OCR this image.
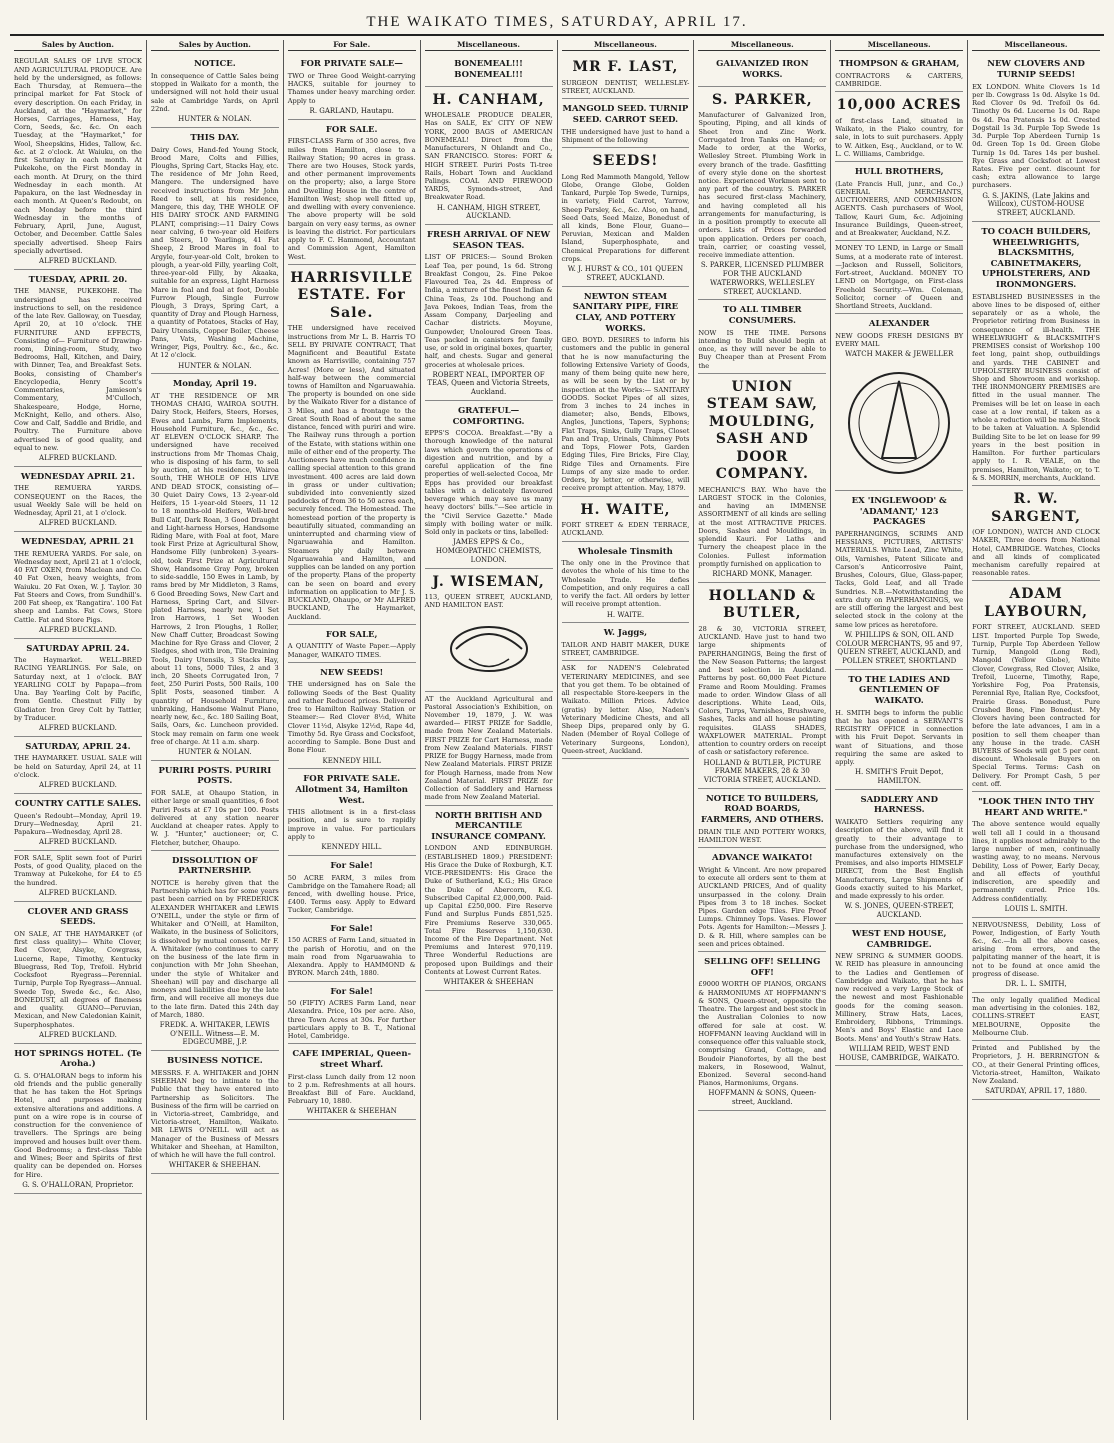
THE WAIKATO TIMES, SATURDAY, APRIL 17.
Sales by Auction.
REGULAR SALES OF LIVE STOCK AND AGRICULTURAL PRODUCE. Are held by the undersigned, as follows: Each Thursday, at Remuera—the principal market for Fat Stock of every description. On each Friday, in Auckland, at the "Haymarket," for Horses, Carriages, Harness, Hay, Corn, Seeds, &c. &c. On each Tuesday, at the "Haymarket," for Wool, Sheepskins, Hides, Tallow, &c. &c. at 2 o'clock. At Waiuku, on the first Saturday in each month. At Pukekohe, on the First Monday in each month. At Drury, on the third Wednesday in each month. At Papakura, on the last Wednesday in each month. At Queen's Redoubt, on each Monday before the third Wednesday in the months of February, April, June, August, October, and December. Cattle Sales specially advertised. Sheep Fairs specially advertised.
ALFRED BUCKLAND.
TUESDAY, APRIL 20.
THE MANSE, PUKEKOHE. The undersigned has received instructions to sell, on the residence of the late Rev. Galloway, on Tuesday, April 20, at 10 o'clock. THE FURNITURE AND EFFECTS, Consisting of— Furniture of Drawing-room, Dining-room, Study, two Bedrooms, Hall, Kitchen, and Dairy, with Dinner, Tea, and Breakfast Sets. Books, consisting of Chamber's Encyclopedia, Henry Scott's Commentaries, Jamieson's Commentary, M'Culloch, Shakespeare, Hodge, Horne, McKnight, Kello, and others. Also, Cow and Calf, Saddle and Bridle, and Poultry. The Furniture above advertised is of good quality, and equal to new.
ALFRED BUCKLAND.
WEDNESDAY APRIL 21.
THE REMUERA YARDS. CONSEQUENT on the Races, the usual Weekly Sale will be held on Wednesday, April 21, at 1 o'clock.
ALFRED BUCKLAND.
WEDNESDAY, APRIL 21
THE REMUERA YARDS. For sale, on Wednesday next, April 21 at 1 o'clock, 40 FAT OXEN, from Maclean and Co. 40 Fat Oxen, heavy weights, from Waiuku. 20 Fat Oxen, W. J. Taylor. 30 Fat Steers and Cows, from Sundhill's. 200 Fat sheep, ex 'Rangatira'. 100 Fat sheep and Lambs. Fat Cows, Store Cattle. Fat and Store Pigs.
ALFRED BUCKLAND.
SATURDAY APRIL 24.
The Haymarket. WELL-BRED RACING YEARLINGS. For Sale, on Saturday next, at 1 o'clock. BAY YEARLING COLT by Papapa—from Una. Bay Yearling Colt by Pacific, from Gentle. Chestnut Filly by Gladiator. Iron Grey Colt by Tattler, by Traducer.
ALFRED BUCKLAND.
SATURDAY, APRIL 24.
THE HAYMARKET. USUAL SALE will be held on Saturday, April 24, at 11 o'clock.
ALFRED BUCKLAND.
COUNTRY CATTLE SALES.
Queen's Redoubt—Monday, April 19. Drury—Wednesday, April 21. Papakura—Wednesday, April 28.
ALFRED BUCKLAND.
FOR SALE, Split sewn foot of Puriri Posts, of good Quality, placed on the Tramway at Pukekohe, for £4 to £5 the hundred.
ALFRED BUCKLAND.
CLOVER AND GRASS SEEDS.
ON SALE, AT THE HAYMARKET (of first class quality)— White Clover, Red Clover, Alsyke, Cowgrass, Lucerne, Rape, Timothy, Kentucky Bluegrass, Red Top, Trefoil. Hybrid Cocksfoot Ryegrass—Perennial. Turnip, Purple Top Ryegrass—Annual. Swede Top, Swede &c., &c. Also, BONEDUST, all degrees of fineness and quality. GUANO—Peruvian, Mexican, and New Caledonian Kainit, Superphosphates.
ALFRED BUCKLAND.
HOT SPRINGS HOTEL. (Te Aroha.)
G. S. O'HALORAN begs to inform his old friends and the public generally that he has taken the Hot Springs Hotel, and purposes making extensive alterations and additions. A punt on a wire rope is in course of construction for the convenience of travellers. The Springs are being improved and houses built over them. Good Bedrooms; a first-class Table and Wines; Beer and Spirits of first quality can be depended on. Horses for Hire.
G. S. O'HALLORAN, Proprietor.
Sales by Auction.
NOTICE.
In consequence of Cattle Sales being stopped in Waikato for a month, the undersigned will not hold their usual sale at Cambridge Yards, on April 22nd.
HUNTER & NOLAN.
THIS DAY.
Dairy Cows, Hand-fed Young Stock, Brood Mare, Colts and Fillies, Ploughs, Spring Cart, Stacks Hay, etc. The residence of Mr John Reed, Mangere. The undersigned have received instructions from Mr John Reed to sell, at his residence, Mangere, this day, THE WHOLE OF HIS DAIRY STOCK AND FARMING PLANT, comprising:—11 Dairy Cows near calving, 6 two-year old Heifers and Steers, 10 Yearlings, 41 Fat Sheep, 2 Brood Mares in foal to Argyle, four-year-old Colt, broken to plough, a year-old Filly, yearling Colt, three-year-old Filly, by Akaaka, suitable for an express, Light Harness Mare in foal and foal at foot, Double Furrow Plough, Single Furrow Plough, 3 Drays, Spring Cart, a quantity of Dray and Plough Harness, a quantity of Potatoes, Stacks of Hay, Dairy Utensils, Copper Boiler, Cheese Pans, Vats, Washing Machine, Wringer, Pigs, Poultry. &c., &c., &c. At 12 o'clock.
HUNTER & NOLAN.
Monday, April 19.
AT THE RESIDENCE OF MR THOMAS CHAIG, WAIROA SOUTH. Dairy Stock, Heifers, Steers, Horses, Ewes and Lambs, Farm Implements, Household Furniture, &c., &c., &c. AT ELEVEN O'CLOCK SHARP. The undersigned have received instructions from Mr Thomas Chaig, who is disposing of his farm, to sell by auction, at his residence, Wairoa South, THE WHOLE OF HIS LIVE AND DEAD STOCK, consisting of— 30 Quiet Dairy Cows, 13 2-year-old Heifers, 15 1-year-old Steers, 11 12 to 18 months-old Heifers, Well-bred Bull Calf, Dark Roan, 3 Good Draught and Light-harness Horses, Handsome Riding Mare, with Foal at foot, Mare took First Prize at Agricultural Show, Handsome Filly (unbroken) 3-years-old, took First Prize at Agricultural Show, Handsome Gray Pony, broken to side-saddle, 150 Ewes in Lamb, by rams bred by Mr Middleton, 3 Rams, 6 Good Breeding Sows, New Cart and Harness, Spring Cart, and Silver-plated Harness, nearly new, 1 Set Iron Harrows, 1 Set Wooden Harrows, 2 Iron Ploughs, 1 Roller, New Chaff Cutter, Broadcast Sowing Machine for Rye Grass and Clover, 2 Sledges, shod with iron, Tile Draining Tools, Dairy Utensils, 3 Stacks Hay, about 11 tons, 5000 Tiles, 2 and 3 inch, 20 Sheets Corrugated Iron, 7 feet, 250 Puriri Posts, 500 Rails, 100 Split Posts, seasoned timber. A quantity of Household Furniture, unbraking, Handsome Walnut Piano, nearly new, &c., &c. 180 Sailing Boat, Sails, Oars, &c. Luncheon provided. Stock may remain on farm one week free of charge. At 11 a.m. sharp.
HUNTER & NOLAN.
PURIRI POSTS. PURIRI POSTS.
FOR SALE, at Ohaupo Station, in either large or small quantities, 6 foot Puriri Posts at £7 10s per 100. Posts delivered at any station nearer Auckland at cheaper rates. Apply to W. J. "Hunter," auctioneer; or, C. Fletcher, butcher, Ohaupo.
DISSOLUTION OF PARTNERSHIP.
NOTICE is hereby given that the Partnership which has for some years past been carried on by FREDERICK ALEXANDER WHITAKER and LEWIS O'NEILL, under the style or firm of Whitaker and O'Neill, at Hamilton, Waikato, in the business of Solicitors, is dissolved by mutual consent. Mr F. A. Whitaker (who continues to carry on the business of the late firm in conjunction with Mr John Sheehan, under the style of Whitaker and Sheehan) will pay and discharge all moneys and liabilities due by the late firm, and will receive all moneys due to the late firm. Dated this 24th day of March, 1880.
FREDK. A. WHITAKER, LEWIS O'NEILL. Witness—E. M. EDGECUMBE, J.P.
BUSINESS NOTICE.
MESSRS. F. A. WHITAKER and JOHN SHEEHAN beg to intimate to the Public that they have entered into Partnership as Solicitors. The Business of the firm will be carried on in Victoria-street, Cambridge, and Victoria-street, Hamilton, Waikato. MR LEWIS O'NEILL will act as Manager of the Business of Messrs Whitaker and Sheehan, at Hamilton, of which he will have the full control.
WHITAKER & SHEEHAN.
For Sale.
FOR PRIVATE SALE—
TWO or Three Good Weight-carrying HACKS, suitable for journey to Thames under heavy marching order. Apply to
R. GARLAND, Hautapu.
FOR SALE.
FIRST-CLASS Farm of 350 acres, five miles from Hamilton, close to a Railway Station; 90 acres in grass. There are two Houses, Stock yards, and other permanent improvements on the property; also, a large Store and Dwelling House in the centre of Hamilton West; shop well fitted up, and dwelling with every convenience. The above property will be sold bargain on very easy terms, as owner is leaving the district. For particulars apply to F. C. Hammond, Accountant and Commission Agent, Hamilton West.
HARRISVILLE ESTATE. For Sale.
THE undersigned have received instructions from Mr L. B. Harris TO SELL BY PRIVATE CONTRACT, That Magnificent and Beautiful Estate known as Harrisville, containing 757 Acres! (More or less), And situated half-way between the commercial towns of Hamilton and Ngaruawahia. The property is bounded on one side by the Waikato River for a distance of 3 Miles, and has a frontage to the Great South Road of about the same distance, fenced with puriri and wire. The Railway runs through a portion of the Estate, with stations within one mile of either end of the property. The Auctioneers have much confidence in calling special attention to this grand investment. 400 acres are laid down in grass or under cultivation; subdivided into conveniently sized paddocks of from 36 to 50 acres each, securely fenced. The Homestead. The homestead portion of the property is beautifully situated, commanding an uninterrupted and charming view of Ngaruawahia and Hamilton. Steamers ply daily between Ngaruawahia and Hamilton, and supplies can be landed on any portion of the property. Plans of the property can be seen on board and every information on application to Mr J. S. BUCKLAND, Ohaupo, or Mr ALFRED BUCKLAND, The Haymarket, Auckland.
FOR SALE,
A QUANTITY of Waste Paper.—Apply Manager, WAIKATO TIMES.
NEW SEEDS!
THE undersigned has on Sale the following Seeds of the Best Quality and rather Reduced prices. Delivered free to Hamilton Railway Station or Steamer:— Red Clover 8½d, White Clover 11½d, Alsyke 12½d, Rape 4d, Timothy 5d. Rye Grass and Cocksfoot, according to Sample. Bone Dust and Bone Flour.
KENNEDY HILL
FOR PRIVATE SALE. Allotment 34, Hamilton West.
THIS allotment is in a first-class position, and is sure to rapidly improve in value. For particulars apply to
KENNEDY HILL.
For Sale!
50 ACRE FARM, 3 miles from Cambridge on the Tamahere Road; all fenced, with dwelling house. Price, £400. Terms easy. Apply to Edward Tucker, Cambridge.
For Sale!
150 ACRES of Farm Land, situated in the parish of Horotiu, and on the main road from Ngaruawahia to Alexandra. Apply to HAMMOND & BYRON. March 24th, 1880.
For Sale!
50 (FIFTY) ACRES Farm Land, near Alexandra. Price, 10s per acre. Also, three Town Acres at 30s. For further particulars apply to B. T., National Hotel, Cambridge.
CAFE IMPERIAL, Queen-street Wharf.
First-class Lunch daily from 12 noon to 2 p.m. Refreshments at all hours. Breakfast Bill of Fare. Auckland, February 10, 1880.
WHITAKER & SHEEHAN
Miscellaneous.
BONEMEAL!!! BONEMEAL!!!
H. CANHAM,
WHOLESALE PRODUCE DEALER, Has on SALE, Ex' CITY OF NEW YORK, 2000 BAGS of AMERICAN BONEMEAL! Direct from the Manufacturers, N Ohlandt and Co., SAN FRANCISCO. Stores: FORT & HIGH STREET. Puriri Posts Ti-tree Rails, Hobart Town and Auckland Palings. COAL AND FIREWOOD YARDS, Symonds-street, And Breakwater Road.
H. CANHAM, HIGH STREET, AUCKLAND.
FRESH ARRIVAL OF NEW SEASON TEAS.
LIST OF PRICES:— Sound Broken Leaf Tea, per pound, 1s 6d. Strong Breakfast Congou, 2s. Fine Pekoe Flavoured Tea, 2s 4d. Empress of India, a mixture of the finest Indian & China Teas, 2s 10d. Pouchong and Java Pekoes, Indian Teas, from the Assam Company, Darjeeling and Cachar districts. Moyune, Gunpowder, Unoloured Green Teas. Teas packed in canisters for family use, or sold in original boxes, quarter, half, and chests. Sugar and general groceries at wholesale prices.
ROBERT NEAL, IMPORTER OF TEAS, Queen and Victoria Streets, Auckland.
GRATEFUL—COMFORTING.
EPPS'S COCOA. Breakfast.—"By a thorough knowledge of the natural laws which govern the operations of digestion and nutrition, and by a careful application of the fine properties of well-selected Cocoa, Mr Epps has provided our breakfast tables with a delicately flavoured beverage which may save us many heavy doctors' bills."—See article in the "Civil Service Gazette." Made simply with boiling water or milk. Sold only in packets or tins, labelled:
JAMES EPPS & Co., HOMŒOPATHIC CHEMISTS, LONDON.
J. WISEMAN,
113, QUEEN STREET, AUCKLAND, AND HAMILTON EAST.
AT the Auckland Agricultural and Pastoral Association's Exhibition, on November 19, 1879, J. W. was awarded— FIRST PRIZE for Saddle, made from New Zealand Materials. FIRST PRIZE for Cart Harness, made from New Zealand Materials. FIRST PRIZE for Buggy Harness, made from New Zealand Materials. FIRST PRIZE for Plough Harness, made from New Zealand Material. FIRST PRIZE for Collection of Saddlery and Harness made from New Zealand Material.
NORTH BRITISH AND MERCANTILE INSURANCE COMPANY.
LONDON AND EDINBURGH. (ESTABLISHED 1809.) PRESIDENT: His Grace the Duke of Roxburgh, K.T. VICE-PRESIDENTS: His Grace the Duke of Sutherland, K.G.; His Grace the Duke of Abercorn, K.G. Subscribed Capital £2,000,000. Paid-up Capital £250,000. Fire Reserve Fund and Surplus Funds £851,525. Fire Premiums Reserve 330,065. Total Fire Reserves 1,150,630. Income of the Fire Department. Net Premiums and Interest 970,119. Three Wonderful Reductions are proposed upon Buildings and their Contents at Lowest Current Rates.
WHITAKER & SHEEHAN
Miscellaneous.
MR F. LAST,
SURGEON DENTIST, WELLESLEY-STREET, AUCKLAND.
MANGOLD SEED. TURNIP SEED. CARROT SEED.
THE undersigned have just to hand a Shipment of the following
SEEDS!
Long Red Mammoth Mangold, Yellow Globe, Orange Globe, Golden Tankard, Purple Top Swede, Turnips, in variety, Field Carrot, Yarrow, Sheep Parsley, &c., &c. Also, on hand, Seed Oats, Seed Maize, Bonedust of all kinds, Bone Flour, Guano—Peruvian, Mexican and Malden Island, Superphosphate, and Chemical Preparations for different crops.
W. J. HURST & CO., 101 QUEEN STREET, AUCKLAND.
NEWTON STEAM SANITARY PIPE, FIRE CLAY, AND POTTERY WORKS.
GEO. BOYD. DESIRES to inform his customers and the public in general that he is now manufacturing the following Extensive Variety of Goods, many of them being quite new here, as will be seen by the List or by inspection at the Works:— SANITARY GOODS. Socket Pipes of all sizes, from 3 inches to 24 inches in diameter; also, Bends, Elbows, Angles, Junctions, Tapers, Syphons; Flat Traps, Sinks, Gully Traps, Closet Pan and Trap, Urinals, Chimney Pots and Tops, Flower Pots, Garden Edging Tiles, Fire Bricks, Fire Clay, Ridge Tiles and Ornaments. Fire Lumps of any size made to order. Orders, by letter, or otherwise, will receive prompt attention. May, 1879.
H. WAITE,
FORT STREET & EDEN TERRACE, AUCKLAND.
Wholesale Tinsmith
The only one in the Province that devotes the whole of his time to the Wholesale Trade. He defies Competition, and only requires a call to verify the fact. All orders by letter will receive prompt attention.
H. WAITE.
W. Jaggs,
TAILOR AND HABIT MAKER, DUKE STREET, CAMBRIDGE.
ASK for NADEN'S Celebrated VETERINARY MEDICINES, and see that you get them. To be obtained of all respectable Store-keepers in the Waikato. Million Prices. Advice (gratis) by letter. Also, Naden's Veterinary Medicine Chests, and all Sheep Dips, prepared only by G. Naden (Member of Royal College of Veterinary Surgeons, London), Queen-street, Auckland.
Miscellaneous.
GALVANIZED IRON WORKS.
S. PARKER,
Manufacturer of Galvanized Iron, Spouting, Piping, and all kinds of Sheet Iron and Zinc Work. Corrugated Iron Tanks on Hand; or Made to order, at the Works, Wellesley Street. Plumbing Work in every branch of the trade. Gasfitting of every style done on the shortest notice. Experienced Workmen sent to any part of the country. S. PARKER has secured first-class Machinery, and having completed all his arrangements for manufacturing, is in a position promptly to execute all orders. Lists of Prices forwarded upon application. Orders per coach, train, carrier, or coasting vessel, receive immediate attention.
S. PARKER, LICENSED PLUMBER FOR THE AUCKLAND WATERWORKS, WELLESLEY STREET, AUCKLAND.
TO ALL TIMBER CONSUMERS.
NOW IS THE TIME. Persons intending to Build should begin at once, as they will never be able to Buy Cheaper than at Present From the
UNION STEAM SAW, MOULDING, SASH AND DOOR COMPANY.
MECHANIC'S BAY. Who have the LARGEST STOCK in the Colonies, and having an IMMENSE ASSORTMENT of all kinds are selling at the most ATTRACTIVE PRICES. Doors, Sashes and Mouldings, in splendid Kauri. For Laths and Turnery the cheapest place in the Colonies. Fullest information promptly furnished on application to
RICHARD MONK, Manager.
HOLLAND & BUTLER,
28 & 30, VICTORIA STREET, AUCKLAND. Have just to hand two large shipments of PAPERHANGINGS, Being the first of the New Season Patterns; the largest and best selection in Auckland. Patterns by post. 60,000 Feet Picture Frame and Room Moulding. Frames made to order. Window Glass of all descriptions. White Lead, Oils, Colors, Turps, Varnishes, Brushware, Sashes, Tacks and all house painting requisites. GLASS SHADES, WAXFLOWER MATERIAL. Prompt attention to country orders on receipt of cash or satisfactory reference.
HOLLAND & BUTLER, PICTURE FRAME MAKERS, 28 & 30 VICTORIA STREET, AUCKLAND.
NOTICE TO BUILDERS, ROAD BOARDS, FARMERS, AND OTHERS.
DRAIN TILE AND POTTERY WORKS, HAMILTON WEST.
ADVANCE WAIKATO!
Wright & Vincent. Are now prepared to execute all orders sent to them at AUCKLAND PRICES, And of quality unsurpassed in the colony. Drain Pipes from 3 to 18 inches. Socket Pipes. Garden edge Tiles. Fire Proof Lumps. Chimney Tops. Vases. Flower Pots. Agents for Hamilton:—Messrs J. D. & R. Hill, where samples can be seen and prices obtained.
SELLING OFF! SELLING OFF!
£9000 WORTH OF PIANOS, ORGANS & HARMONIUMS AT HOFFMANN'S & SONS, Queen-street, opposite the Theatre. The largest and best stock in the Australian Colonies to now offered for sale at cost. W. HOFFMANN leaving Auckland will in consequence offer this valuable stock, comprising Grand, Cottage, and Boudoir Pianofortes, by all the best makers, in Rosewood, Walnut, Ebonized. Several second-hand Pianos, Harmoniums, Organs.
HOFFMANN & SONS, Queen-street, Auckland.
Miscellaneous.
THOMPSON & GRAHAM,
CONTRACTORS & CARTERS, CAMBRIDGE.
10,000 ACRES
of first-class Land, situated in Waikato, in the Piako country, for sale, in lots to suit purchasers. Apply to W. Aitken, Esq., Auckland, or to W. L. C. Williams, Cambridge.
HULL BROTHERS,
(Late Francis Hull, junr., and Co.,) GENERAL MERCHANTS, AUCTIONEERS, AND COMMISSION AGENTS. Cash purchasers of Wool, Tallow, Kauri Gum, &c. Adjoining Insurance Buildings, Queen-street, and at Breakwater, Auckland, N.Z.
MONEY TO LEND, in Large or Small Sums, at a moderate rate of interest.—Jackson and Russell, Solicitors, Fort-street, Auckland. MONEY TO LEND on Mortgage, on First-class Freehold Security.—Wm. Coleman, Solicitor, corner of Queen and Shortland Streets, Auckland.
ALEXANDER
NEW GOODS FRESH DESIGNS BY EVERY MAIL
WATCH MAKER & JEWELLER
EX 'INGLEWOOD' & 'ADAMANT,' 123 PACKAGES
PAPERHANGINGS, SCRIMS AND HESSIANS, PICTURES, ARTISTS' MATERIALS. White Lead, Zinc White, Oils, Varnishes, Patent Silicate and Carson's Anticorrosive Paint, Brushes, Colours, Glue, Glass-paper, Tacks, Gold Leaf, and all Trade Sundries. N.B.—Notwithstanding the extra duty on PAPERHANGINGS, we are still offering the largest and best selected stock in the colony at the same low prices as heretofore.
W. PHILLIPS & SON, OIL AND COLOUR MERCHANTS, 95 and 97, QUEEN STREET, AUCKLAND, and POLLEN STREET, SHORTLAND
TO THE LADIES AND GENTLEMEN OF WAIKATO.
H. SMITH begs to inform the public that he has opened a SERVANT'S REGISTRY OFFICE in connection with his Fruit Depot. Servants in want of Situations, and those requiring the same are asked to apply.
H. SMITH'S Fruit Depot, HAMILTON.
SADDLERY AND HARNESS.
WAIKATO Settlers requiring any description of the above, will find it greatly to their advantage to purchase from the undersigned, who manufactures extensively on the Premises, and also imports HIMSELF DIRECT, from the Best English Manufacturers, Large Shipments of Goods exactly suited to his Market, and made expressly to his order.
W. S. JONES, QUEEN-STREET, AUCKLAND.
WEST END HOUSE, CAMBRIDGE.
NEW SPRING & SUMMER GOODS. W. REID has pleasure in announcing to the Ladies and Gentlemen of Cambridge and Waikato, that he has now received a very Large Stock of the newest and most Fashionable goods for the coming season. Millinery, Straw Hats, Laces, Embroidery, Ribbons, Trimmings. Men's and Boys' Elastic and Lace Boots. Mens' and Youth's Straw Hats.
WILLIAM REID, WEST END HOUSE, CAMBRIDGE, WAIKATO.
Miscellaneous.
NEW CLOVERS AND TURNIP SEEDS!
EX LONDON. White Clovers 1s 1d per lb. Cowgrass 1s 0d. Alsyke 1s 0d. Red Clover 0s 9d. Trefoil 0s 6d. Timothy 0s 6d. Lucerne 1s 0d. Rape 0s 4d. Poa Pratensis 1s 0d. Crested Dogstail 1s 3d. Purple Top Swede 1s 3d. Purple Top Aberdeen Turnip 1s 0d. Green Top 1s 0d. Green Globe Turnip 1s 0d. Tares 14s per bushel. Rye Grass and Cocksfoot at Lowest Rates. Five per cent. discount for cash; extra allowance to large purchasers.
G. S. JAKINS, (Late Jakins and Willcox), CUSTOM-HOUSE STREET, AUCKLAND.
TO COACH BUILDERS, WHEELWRIGHTS, BLACKSMITHS, CABINETMAKERS, UPHOLSTERERS, AND IRONMONGERS.
ESTABLISHED BUSINESSES in the above lines to be disposed of, either separately or as a whole, the Proprietor retiring from Business in consequence of ill-health. THE WHEELWRIGHT & BLACKSMITH'S PREMISES consist of Workshop 100 feet long, paint shop, outbuildings and yards. THE CABINET and UPHOLSTERY BUSINESS consist of Shop and Showroom and workshop. THE IRONMONGERY PREMISES are fitted in the usual manner. The Premises will be let on lease in each case at a low rental, if taken as a whole a reduction will be made. Stock to be taken at Valuation. A Splendid Building Site to be let on lease for 99 years in the best position in Hamilton. For further particulars apply to I. R. VEALE, on the premises, Hamilton, Waikato; or, to T. & S. MORRIN, merchants, Auckland.
R. W. SARGENT,
(OF LONDON), WATCH AND CLOCK MAKER, Three doors from National Hotel, CAMBRIDGE. Watches, Clocks and all kinds of complicated mechanism carefully repaired at reasonable rates.
ADAM LAYBOURN,
FORT STREET, AUCKLAND. SEED LIST. Imported Purple Top Swede, Turnip, Purple Top Aberdeen Yellow Turnip, Mangold (Long Red), Mangold (Yellow Globe), White Clover, Cowgrass, Red Clover, Alsike, Trefoil, Lucerne, Timothy, Rape, Yorkshire Fog, Poa Pratensis, Perennial Rye, Italian Rye, Cocksfoot, Prairie Grass. Bonedust, Pure Crushed Bone, Fine Bonedust. My Clovers having been contracted for before the late advances, I am in a position to sell them cheaper than any house in the trade. CASH BUYERS of Seeds will get 5 per cent. discount. Wholesale Buyers on Special Terms. Terms: Cash on Delivery. For Prompt Cash, 5 per cent. off.
"LOOK THEN INTO THY HEART AND WRITE."
The above sentence would equally well tell all I could in a thousand lines, it applies most admirably to the large number of men, continually wasting away, to no means. Nervous Debility, Loss of Power, Early Decay, and all effects of youthful indiscretion, are speedily and permanently cured. Price 10s. Address confidentially.
LOUIS L. SMITH.
NERVOUSNESS, Debility, Loss of Power, Indigestion, of Early Youth &c., &c.—In all the above cases, arising from errors, and the palpitating manner of the heart, it is not to be found at once amid the progress of disease.
DR. L. L. SMITH,
The only legally qualified Medical man advertising in the colonies. 182, COLLINS-STREET EAST, MELBOURNE, Opposite the Melbourne Club.
Printed and Published by the Proprietors, J. H. BERRINGTON & CO., at their General Printing offices, Victoria-street, Hamilton, Waikato New Zealand.
SATURDAY, APRIL 17, 1880.
